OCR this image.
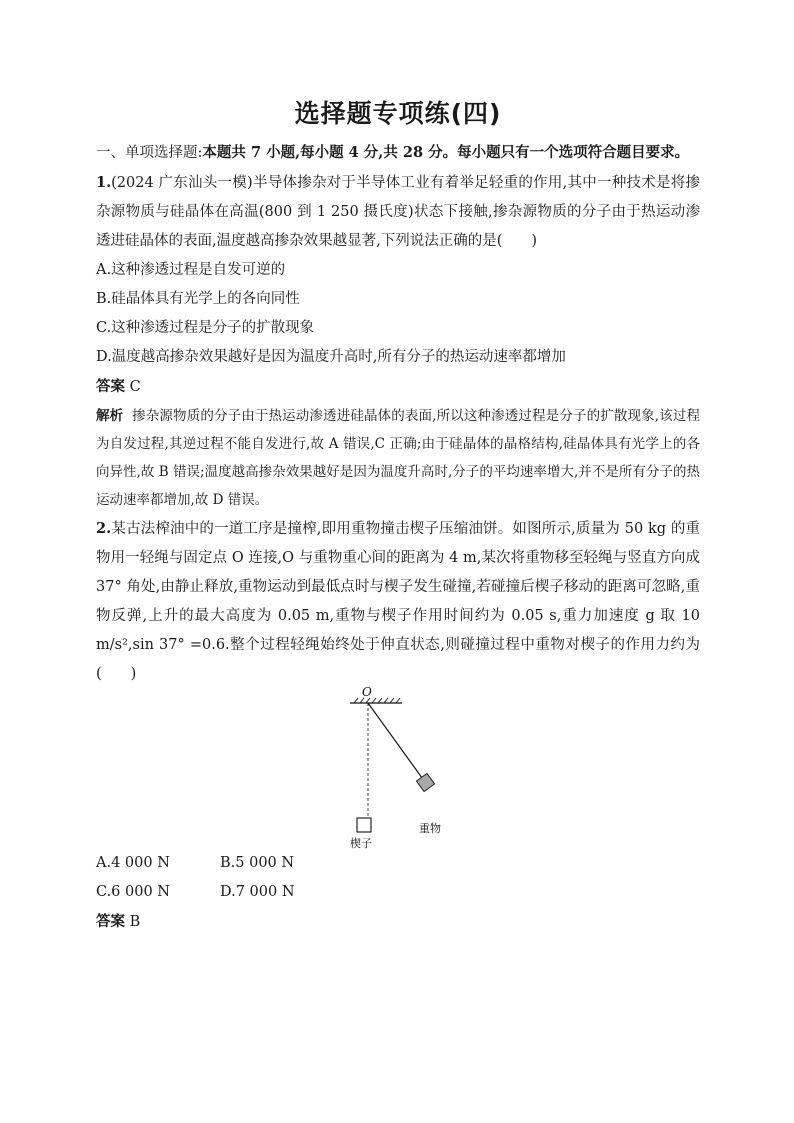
选择题专项练(四)

一、单项选择题:本题共 7 小题,每小题 4 分,共 28 分。每小题只有一个选项符合题目要求。

1.(2024 广东汕头一模)半导体掺杂对于半导体工业有着举足轻重的作用,其中一种技术是将掺杂源物质与硅晶体在高温(800 到 1 250 摄氏度)状态下接触,掺杂源物质的分子由于热运动渗透进硅晶体的表面,温度越高掺杂效果越显著,下列说法正确的是(　　)

A.这种渗透过程是自发可逆的

B.硅晶体具有光学上的各向同性

C.这种渗透过程是分子的扩散现象

D.温度越高掺杂效果越好是因为温度升高时,所有分子的热运动速率都增加

答案 C

解析 掺杂源物质的分子由于热运动渗透进硅晶体的表面,所以这种渗透过程是分子的扩散现象,该过程为自发过程,其逆过程不能自发进行,故 A 错误,C 正确;由于硅晶体的晶格结构,硅晶体具有光学上的各向异性,故 B 错误;温度越高掺杂效果越好是因为温度升高时,分子的平均速率增大,并不是所有分子的热运动速率都增加,故 D 错误。

2.某古法榨油中的一道工序是撞榨,即用重物撞击楔子压缩油饼。如图所示,质量为 50 kg 的重物用一轻绳与固定点 O 连接,O 与重物重心间的距离为 4 m,某次将重物移至轻绳与竖直方向成 37° 角处,由静止释放,重物运动到最低点时与楔子发生碰撞,若碰撞后楔子移动的距离可忽略,重物反弹,上升的最大高度为 0.05 m,重物与楔子作用时间约为 0.05 s,重力加速度 g 取 10 m/s²,sin 37° =0.6.整个过程轻绳始终处于伸直状态,则碰撞过程中重物对楔子的作用力约为(　　)

O
重物
楔子
A.4 000 N	B.5 000 N
C.6 000 N	D.7 000 N

答案 B
